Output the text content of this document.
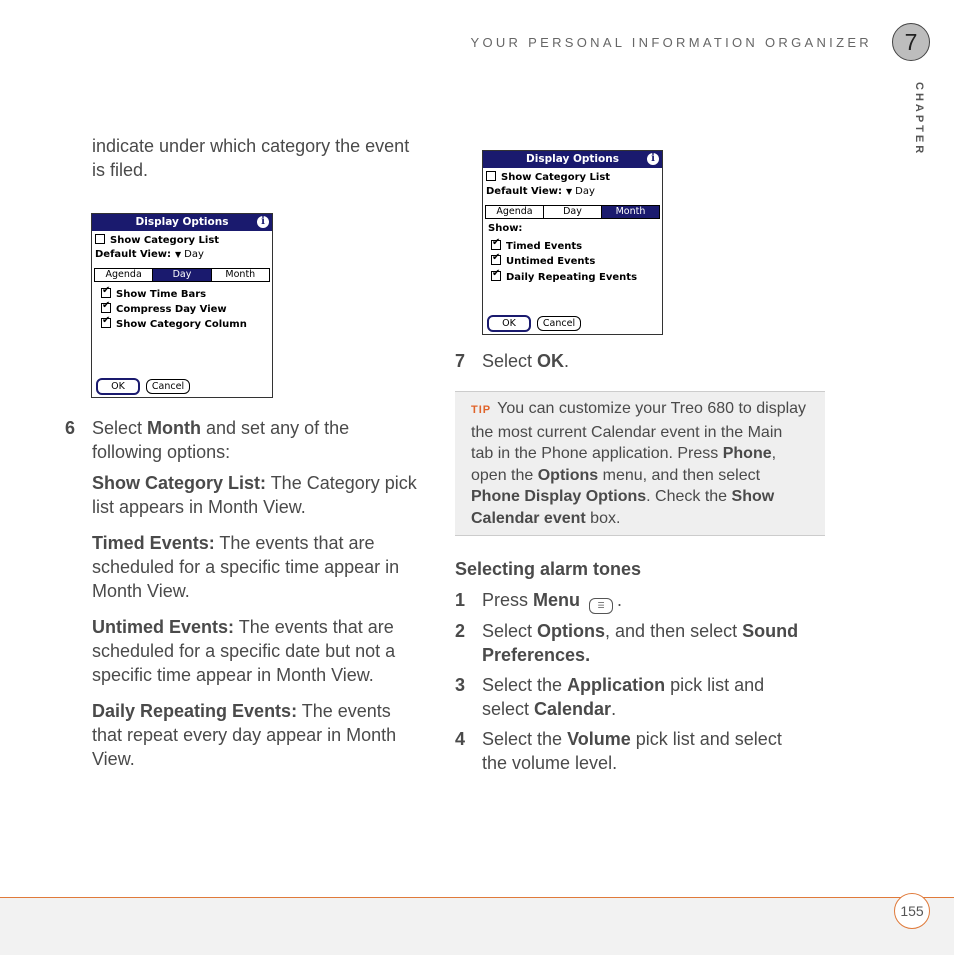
YOUR PERSONAL INFORMATION ORGANIZER	7
CHAPTER
indicate under which category the event
is filed.
Display Options	i
Show Category List
Default View: ▼ Day
Agenda	Day	Month
✔Show Time Bars
✔Compress Day View
✔Show Category Column
OK	Cancel
6 Select Month and set any of the
following options:
Show Category List: The Category pick
list appears in Month View.
Timed Events: The events that are
scheduled for a specific time appear in
Month View.
Untimed Events: The events that are
scheduled for a specific date but not a
specific time appear in Month View.
Daily Repeating Events: The events
that repeat every day appear in Month
View.
Display Options	i
Show Category List
Default View: ▼ Day
Agenda	Day	Month
Show:
✔Timed Events
✔Untimed Events
✔Daily Repeating Events
OK	Cancel
7 Select OK.
TIP You can customize your Treo 680 to display
the most current Calendar event in the Main
tab in the Phone application. Press Phone,
open the Options menu, and then select
Phone Display Options. Check the Show
Calendar event box.
Selecting alarm tones
1 Press Menu ☰ .
2 Select Options, and then select Sound
Preferences.
3 Select the Application pick list and
select Calendar.
4 Select the Volume pick list and select
the volume level.
155
